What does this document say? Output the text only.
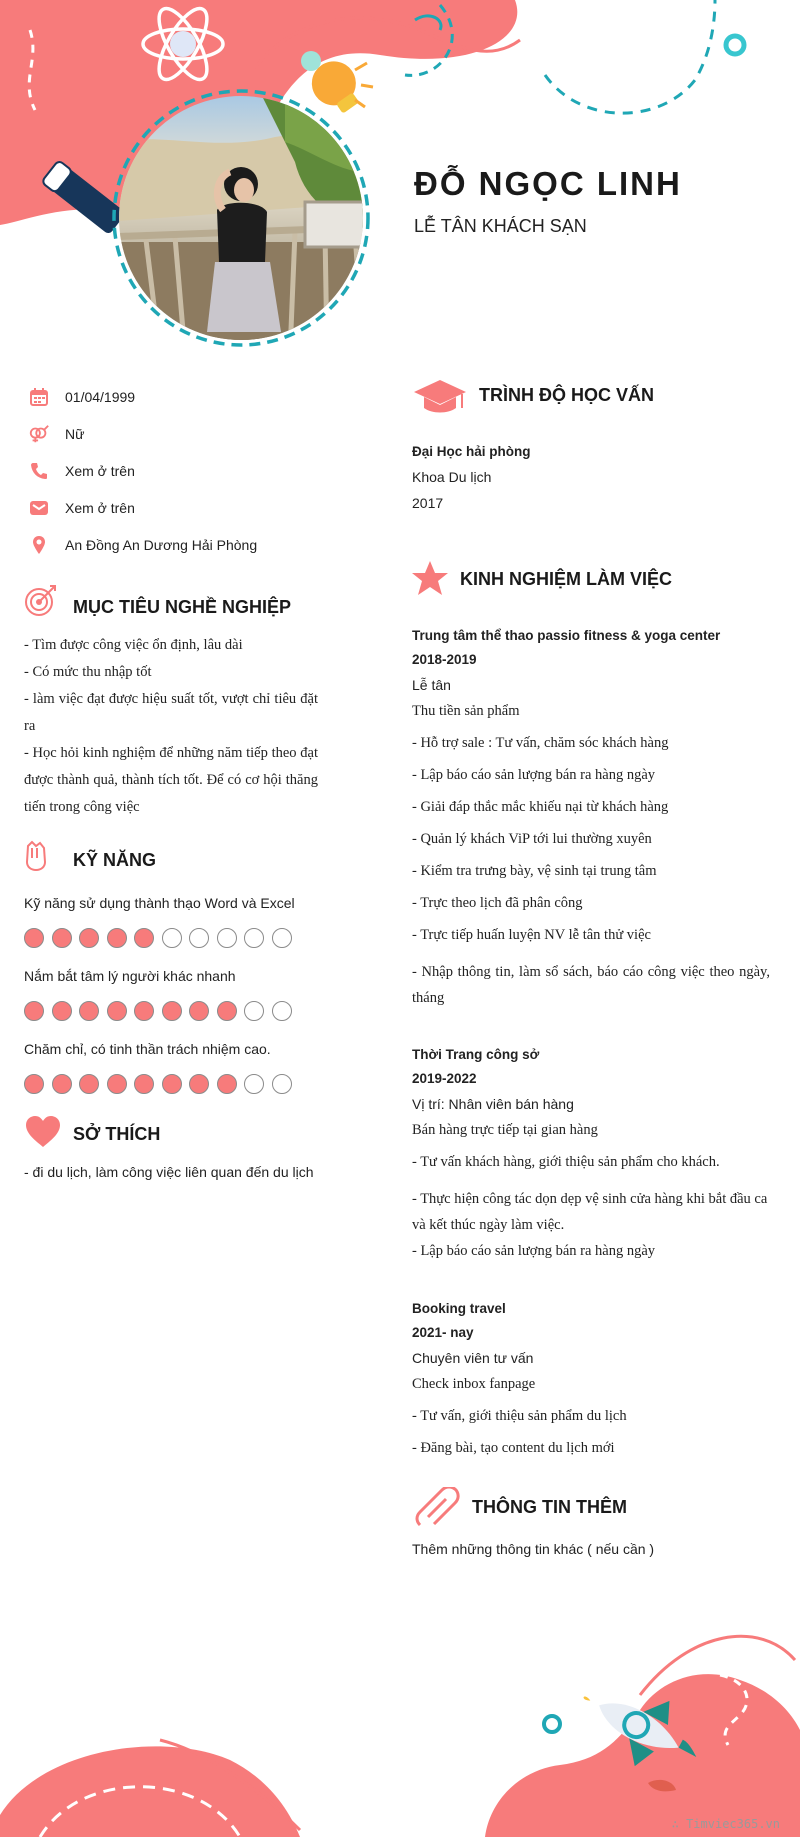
ĐỖ NGỌC LINH
LỄ TÂN KHÁCH SẠN
01/04/1999
Nữ
Xem ở trên
Xem ở trên
An Đồng An Dương Hải Phòng
MỤC TIÊU NGHỀ NGHIỆP
- Tìm được công việc ổn định, lâu dài
- Có mức thu nhập tốt
- làm việc đạt được hiệu suất tốt, vượt chỉ tiêu đặt ra
- Học hỏi kinh nghiệm để những năm tiếp theo đạt được thành quả, thành tích tốt. Để có cơ hội thăng tiến trong công việc
KỸ NĂNG
Kỹ năng sử dụng thành thạo Word và Excel
Nắm bắt tâm lý người khác nhanh
Chăm chỉ, có tinh thần trách nhiệm cao.
SỞ THÍCH
- đi du lịch, làm công việc liên quan đến du lịch
TRÌNH ĐỘ HỌC VẤN
Đại Học hải phòng
Khoa Du lịch
2017
KINH NGHIỆM LÀM VIỆC
Trung tâm thể thao passio fitness & yoga center
2018-2019
Lễ tân
Thu tiền sản phẩm
- Hỗ trợ sale : Tư vấn, chăm sóc khách hàng
- Lập báo cáo sản lượng bán ra hàng ngày
- Giải đáp thắc mắc khiếu nại từ khách hàng
- Quản lý khách ViP tới lui thường xuyên
- Kiểm tra trưng bày, vệ sinh tại trung tâm
- Trực theo lịch đã phân công
- Trực tiếp huấn luyện NV lễ tân thử việc
- Nhập thông tin, làm sổ sách, báo cáo công việc theo ngày, tháng
Thời Trang công sở
2019-2022
Vị trí: Nhân viên bán hàng
Bán hàng trực tiếp tại gian hàng
- Tư vấn khách hàng, giới thiệu sản phẩm cho khách.
- Thực hiện công tác dọn dẹp vệ sinh cửa hàng khi bắt đầu ca và kết thúc ngày làm việc.
- Lập báo cáo sản lượng bán ra hàng ngày
Booking travel
2021- nay
Chuyên viên tư vấn
Check inbox fanpage
- Tư vấn, giới thiệu sản phẩm du lịch
- Đăng bài, tạo content du lịch mới
THÔNG TIN THÊM
Thêm những thông tin khác ( nếu cần )
∴ Timviec365.vn
